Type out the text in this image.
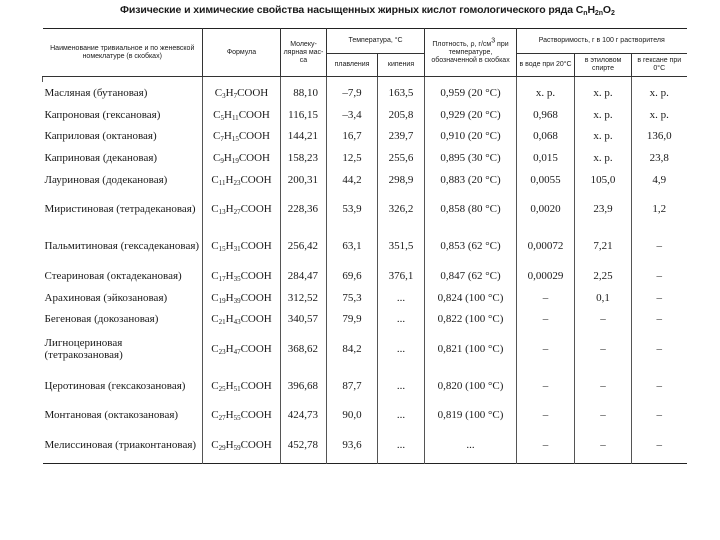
Физические и химические свойства насыщенных жирных кислот гомологического ряда CnH2nO2
Наименование тривиальное и по женевской номеклатуре (в скобках)	Формула	Молеку-лярная мас-са	Температура, °С		Плотность, ρ, $г/см^3$ при температуре, обозначенной в скобках	Растворимость, г в 100 г растворителя		
			плавления	кипения		в воде при 20°С	в этиловом спирте	в гексане при 0°С

Масляная (бутановая)	$C_3H_7COOH$	88,10	–7,9	163,5	0,959 (20 °С)	х. р.	х. р.	х. р.
Капроновая (гексановая)	$C_5H_{11}COOH$	116,15	–3,4	205,8	0,929 (20 °С)	0,968	х. р.	х. р.
Каприловая (октановая)	$C_7H_{15}COOH$	144,21	16,7	239,7	0,910 (20 °С)	0,068	х. р.	136,0
Каприновая (декановая)	$C_9H_{19}COOH$	158,23	12,5	255,6	0,895 (30 °С)	0,015	х. р.	23,8
Лауриновая (додекановая)	$C_{11}H_{23}COOH$	200,31	44,2	298,9	0,883 (20 °С)	0,0055	105,0	4,9
Миристиновая (тетрадекановая)	$C_{13}H_{27}COOH$	228,36	53,9	326,2	0,858 (80 °С)	0,0020	23,9	1,2
Пальмитиновая (гексадекановая)	$C_{15}H_{31}COOH$	256,42	63,1	351,5	0,853 (62 °С)	0,00072	7,21	–
Стеариновая (октадекановая)	$C_{17}H_{35}COOH$	284,47	69,6	376,1	0,847 (62 °С)	0,00029	2,25	–
Арахиновая (эйкозановая)	$C_{19}H_{39}COOH$	312,52	75,3	...	0,824 (100 °С)	–	0,1	–
Бегеновая (докозановая)	$C_{21}H_{43}COOH$	340,57	79,9	...	0,822 (100 °С)	–	–	–
Лигноцериновая (тетракозановая)	$C_{23}H_{47}COOH$	368,62	84,2	...	0,821 (100 °С)	–	–	–
Церотиновая (гексакозановая)	$C_{25}H_{51}COOH$	396,68	87,7	...	0,820 (100 °С)	–	–	–
Монтановая (октакозановая)	$C_{27}H_{55}COOH$	424,73	90,0	...	0,819 (100 °С)	–	–	–
Мелиссиновая (триаконтановая)	$C_{29}H_{59}COOH$	452,78	93,6	...	...	–	–	–
